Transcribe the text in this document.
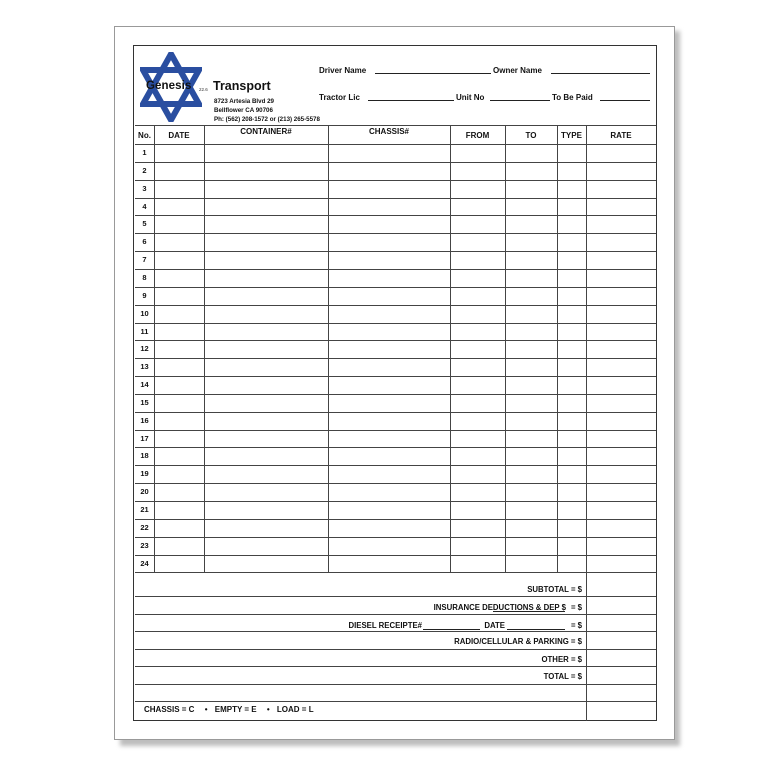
Genesis 22.6 Transport
8723 Artesia Blvd 29
Bellflower CA 90706
Ph: (562) 208-1572 or (213) 265-5578
Driver Name	Owner Name
Tractor Lic	Unit No	To Be Paid
No.	DATE	CONTAINER#	CHASSIS#	FROM	TO	TYPE	RATE
1
2
3
4
5
6
7
8
9
10
11
12
13
14
15
16
17
18
19
20
21
22
23
24
SUBTOTAL = $
INSURANCE DEDUCTIONS & DEP $ = $
DIESEL RECEIPTE#	DATE	= $
RADIO/CELLULAR & PARKING = $
OTHER = $
TOTAL = $
CHASSIS = C • EMPTY = E • LOAD = L
